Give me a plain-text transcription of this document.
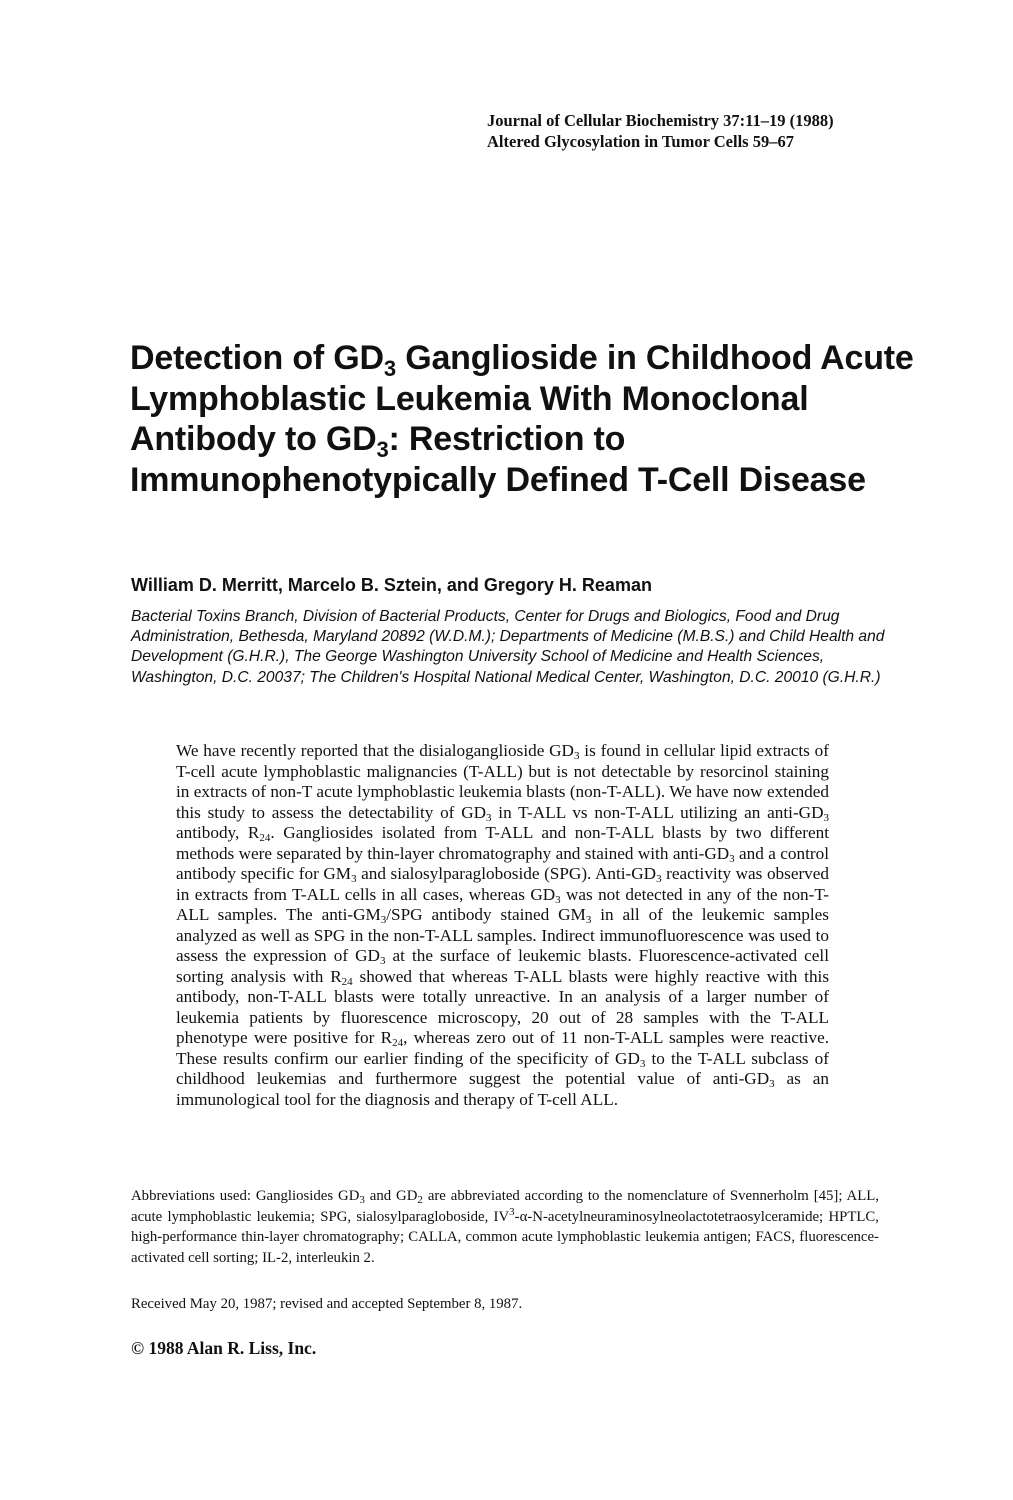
Journal of Cellular Biochemistry 37:11–19 (1988)
Altered Glycosylation in Tumor Cells 59–67
Detection of $GD_3$ Ganglioside in Childhood Acute Lymphoblastic Leukemia With Monoclonal Antibody to $GD_3$: Restriction to Immunophenotypically Defined T-Cell Disease
William D. Merritt, Marcelo B. Sztein, and Gregory H. Reaman
Bacterial Toxins Branch, Division of Bacterial Products, Center for Drugs and Biologics, Food and Drug Administration, Bethesda, Maryland 20892 (W.D.M.); Departments of Medicine (M.B.S.) and Child Health and Development (G.H.R.), The George Washington University School of Medicine and Health Sciences, Washington, D.C. 20037; The Children's Hospital National Medical Center, Washington, D.C. 20010 (G.H.R.)

We have recently reported that the disialoganglioside $GD_3$ is found in cellular lipid extracts of T-cell acute lymphoblastic malignancies (T-ALL) but is not detectable by resorcinol staining in extracts of non-T acute lymphoblastic leukemia blasts (non-T-ALL). We have now extended this study to assess the detectability of $GD_3$ in T-ALL vs non-T-ALL utilizing an anti-$GD_3$ antibody, $R_{24}$. Gangliosides isolated from T-ALL and non-T-ALL blasts by two different methods were separated by thin-layer chromatography and stained with anti-$GD_3$ and a control antibody specific for $GM_3$ and sialosylparagloboside (SPG). Anti-$GD_3$ reactivity was observed in extracts from T-ALL cells in all cases, whereas $GD_3$ was not detected in any of the non-T-ALL samples. The anti-$GM_3$/SPG antibody stained $GM_3$ in all of the leukemic samples analyzed as well as SPG in the non-T-ALL samples. Indirect immunofluorescence was used to assess the expression of $GD_3$ at the surface of leukemic blasts. Fluorescence-activated cell sorting analysis with $R_{24}$ showed that whereas T-ALL blasts were highly reactive with this antibody, non-T-ALL blasts were totally unreactive. In an analysis of a larger number of leukemia patients by fluorescence microscopy, 20 out of 28 samples with the T-ALL phenotype were positive for $R_{24}$, whereas zero out of 11 non-T-ALL samples were reactive. These results confirm our earlier finding of the specificity of $GD_3$ to the T-ALL subclass of childhood leukemias and furthermore suggest the potential value of anti-$GD_3$ as an immunological tool for the diagnosis and therapy of T-cell ALL.

Abbreviations used: Gangliosides $GD_3$ and $GD_2$ are abbreviated according to the nomenclature of Svennerholm [45]; ALL, acute lymphoblastic leukemia; SPG, sialosylparagloboside, $IV^3-\alpha-N$-acetylneuraminosylneolactotetraosylceramide; HPTLC, high-performance thin-layer chromatography; CALLA, common acute lymphoblastic leukemia antigen; FACS, fluorescence-activated cell sorting; IL-2, interleukin 2.

Received May 20, 1987; revised and accepted September 8, 1987.
© 1988 Alan R. Liss, Inc.
